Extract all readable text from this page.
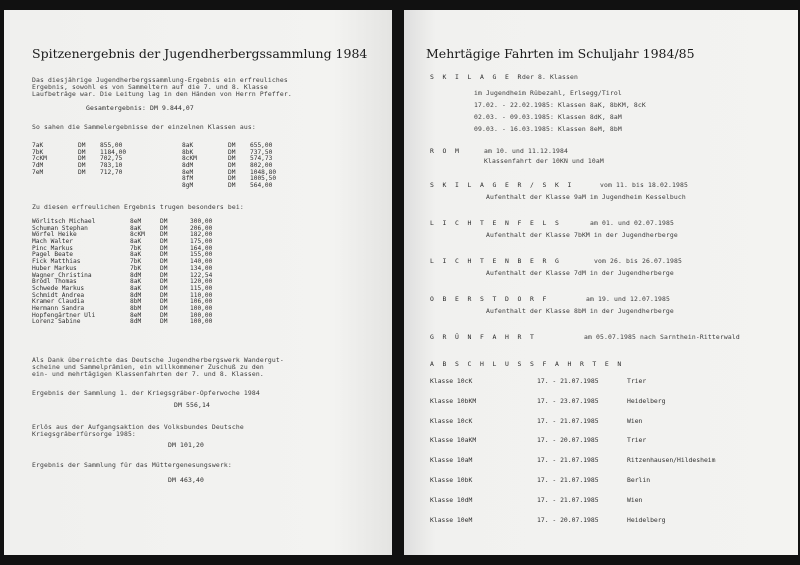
Spitzenergebnis der Jugendherbergssammlung 1984
Das diesjährige Jugendherbergssammlung-Ergebnis ein erfreuliches
Ergebnis, sowohl es von Sammeltern auf die 7. und 8. Klasse
Laufbeträge war. Die Leitung lag in den Händen von Herrn Pfeffer.
Gesamtergebnis: DM 9.844,07
So sahen die Sammelergebnisse der einzelnen Klassen aus:
7aK	DM	855,00
7bK	DM	1184,00
7cKM	DM	702,75
7dM	DM	783,10
7eM	DM	712,70
8aK	DM	655,00
8bK	DM	737,50
8cKM	DM	574,73
8dM	DM	802,00
8eM	DM	1048,80
8fM	DM	1005,50
8gM	DM	564,00
Zu diesen erfreulichen Ergebnis trugen besonders bei:
Wörlitsch Michael	8eM	DM	300,00
Schuman Stephan	8aK	DM	206,00
Wörfel Heike	8cKM	DM	182,00
Mach Walter	8aK	DM	175,00
Pinc Markus	7bK	DM	164,00
Pagel Beate	8aK	DM	155,00
Fick Matthias	7bK	DM	140,00
Huber Markus	7bK	DM	134,00
Wagner Christina	8dM	DM	122,54
Brodl Thomas	8aK	DM	120,00
Schwede Markus	8aK	DM	115,00
Schmidt Andrea	8dM	DM	110,00
Kramer Claudia	8bM	DM	106,00
Hermann Sandra	8bM	DM	100,00
Hopfengärtner Uli	8eM	DM	100,00
Lorenz Sabine	8dM	DM	100,00
Als Dank überreichte das Deutsche Jugendherbergswerk Wandergut-
scheine und Sammelprämien, ein willkommener Zuschuß zu den
ein- und mehrtägigen Klassenfahrten der 7. und 8. Klassen.
Ergebnis der Sammlung 1. der Kriegsgräber-Opferwoche 1984
DM 556,14
Erlös aus der Aufgangsaktion des Volksbundes Deutsche
Kriegsgräberfürsorge 1985:
DM 101,20
Ergebnis der Sammlung für das Müttergenesungswerk:
DM 463,40
Mehrtägige Fahrten im Schuljahr 1984/85
S K I L A G E R
der 8. Klassen
im Jugendheim Rübezahl, Erlsegg/Tirol
17.02. - 22.02.1985: Klassen 8aK, 8bKM, 8cK
02.03. - 09.03.1985: Klassen 8dK, 8aM
09.03. - 16.03.1985: Klassen 8eM, 8bM
R O M	am 10. und 11.12.1984
Klassenfahrt der 10KN und 10aM
S K I L A G E R / S K I	vom 11. bis 18.02.1985
Aufenthalt der Klasse 9aM im Jugendheim Kesselbuch
L I C H T E N F E L S	am 01. und 02.07.1985
Aufenthalt der Klasse 7bKM in der Jugendherberge
L I C H T E N B E R G	vom 26. bis 26.07.1985
Aufenthalt der Klasse 7dM in der Jugendherberge
O B E R S T D O R F	am 19. und 12.07.1985
Aufenthalt der Klasse 8bM in der Jugendherberge
G R Ü N F A H R T	am 05.07.1985 nach Sarnthein-Ritterwald
A B S C H L U S S F A H R T E N
Klasse 10cK	17. - 21.07.1985	Trier
Klasse 10bKM	17. - 23.07.1985	Heidelberg
Klasse 10cK	17. - 21.07.1985	Wien
Klasse 10aKM	17. - 20.07.1985	Trier
Klasse 10aM	17. - 21.07.1985	Ritzenhausen/Hildesheim
Klasse 10bK	17. - 21.07.1985	Berlin
Klasse 10dM	17. - 21.07.1985	Wien
Klasse 10eM	17. - 20.07.1985	Heidelberg
